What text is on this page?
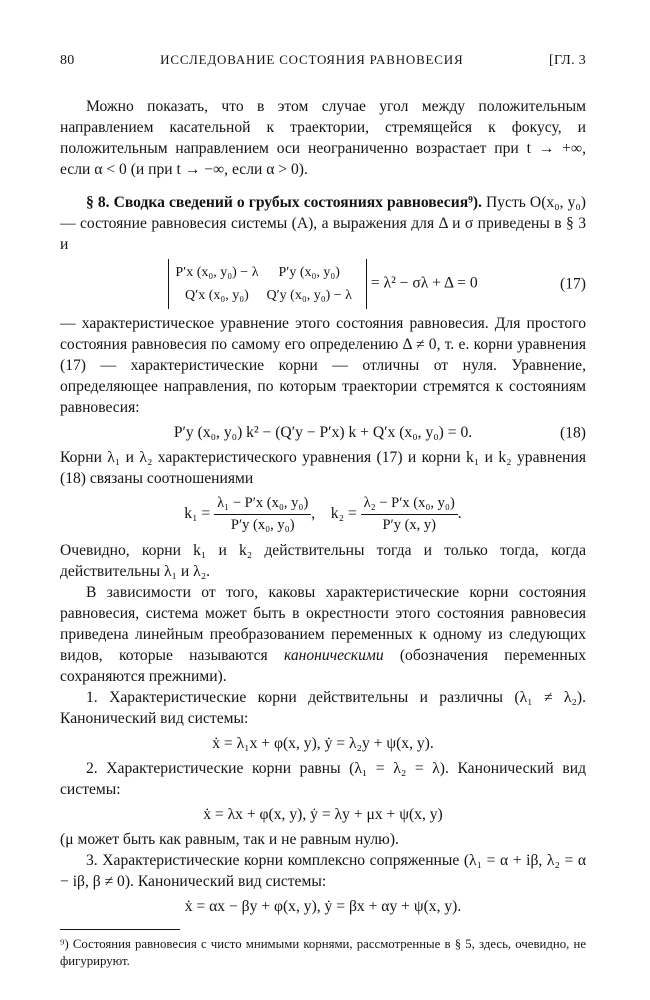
80	ИССЛЕДОВАНИЕ СОСТОЯНИЯ РАВНОВЕСИЯ	[ГЛ. 3

Можно показать, что в этом случае угол между положительным направлением касательной к траектории, стремящейся к фокусу, и положительным направлением оси неограниченно возрастает при t → +∞, если α < 0 (и при t → −∞, если α > 0).

§ 8. Сводка сведений о грубых состояниях равновесия⁹). Пусть O(x₀, y₀) — состояние равновесия системы (А), а выражения для Δ и σ приведены в § 3 и

P′x (x₀, y₀) − λ	P′y (x₀, y₀)
Q′x (x₀, y₀)	Q′y (x₀, y₀) − λ
= λ² − σλ + Δ = 0	(17)

— характеристическое уравнение этого состояния равновесия. Для простого состояния равновесия по самому его определению Δ ≠ 0, т. е. корни уравнения (17) — характеристические корни — отличны от нуля. Уравнение, определяющее направления, по которым траектории стремятся к состояниям равновесия:

P′y (x₀, y₀) k² − (Q′y − P′x) k + Q′x (x₀, y₀) = 0.	(18)

Корни λ₁ и λ₂ характеристического уравнения (17) и корни k₁ и k₂ уравнения (18) связаны соотношениями

$k_1 = \frac{\text{λ₁ − P′x (x₀, y₀)}}{\text{P′y (x₀, y₀)}}$ , $k_2 = \frac{\text{λ₂ − P′x (x₀, y₀)}}{P'y (x, y)}$ .

Очевидно, корни k₁ и k₂ действительны тогда и только тогда, когда действительны λ₁ и λ₂.

В зависимости от того, каковы характеристические корни состояния равновесия, система может быть в окрестности этого состояния равновесия приведена линейным преобразованием переменных к одному из следующих видов, которые называются каноническими (обозначения переменных сохраняются прежними).

1. Характеристические корни действительны и различны (λ₁ ≠ λ₂). Канонический вид системы:

ẋ = λ₁x + φ(x, y), ẏ = λ₂y + ψ(x, y).

2. Характеристические корни равны (λ₁ = λ₂ = λ). Канонический вид системы:

ẋ = λx + φ(x, y), ẏ = λy + μx + ψ(x, y)

(μ может быть как равным, так и не равным нулю).

3. Характеристические корни комплексно сопряженные (λ₁ = α + iβ, λ₂ = α − iβ, β ≠ 0). Канонический вид системы:

ẋ = αx − βy + φ(x, y), ẏ = βx + αy + ψ(x, y).

⁹) Состояния равновесия с чисто мнимыми корнями, рассмотренные в § 5, здесь, очевидно, не фигурируют.
